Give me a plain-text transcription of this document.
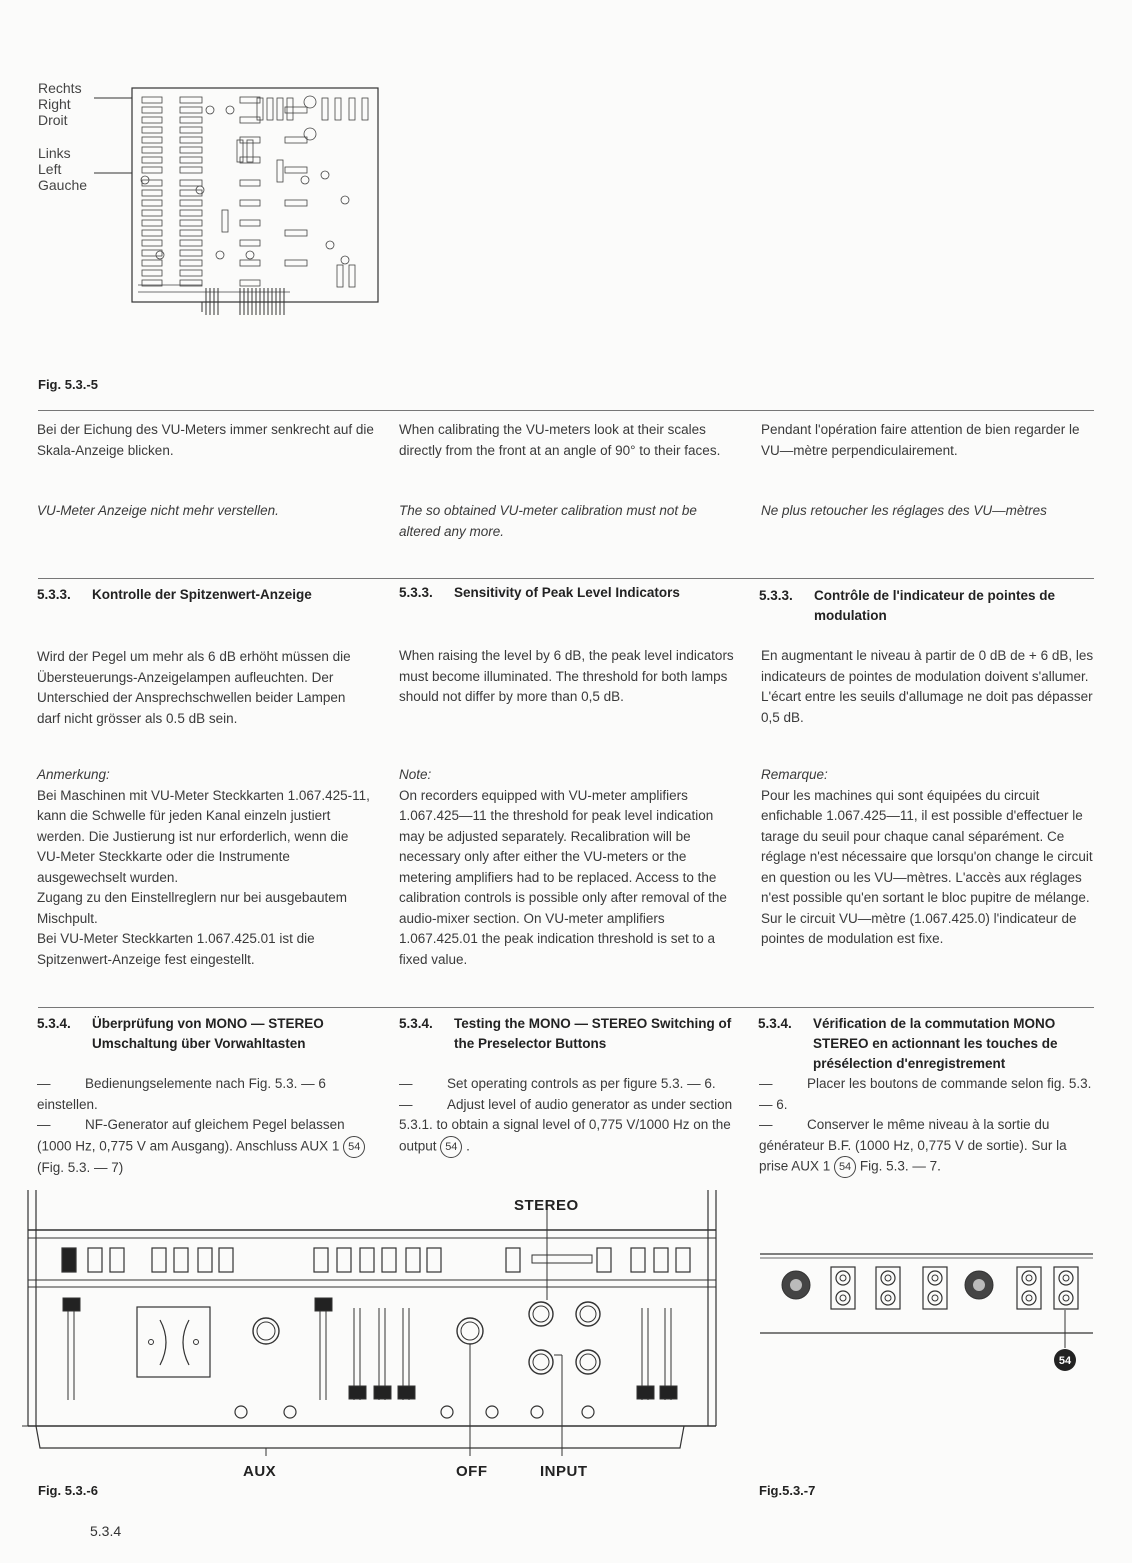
Rechts
Right
Droit
Links
Left
Gauche
Fig. 5.3.-5

Bei der Eichung des VU-Meters immer senkrecht auf die Skala-Anzeige blicken.

When calibrating the VU-meters look at their scales directly from the front at an angle of 90° to their faces.

Pendant l'opération faire attention de bien regarder le VU—mètre perpendiculairement.

VU-Meter Anzeige nicht mehr verstellen.	The so obtained VU-meter calibration must not be altered any more.
Ne plus retoucher les réglages des VU—mètres
5.3.3. Kontrolle der Spitzenwert-Anzeige	5.3.3. Sensitivity of Peak Level Indicators	5.3.3. Contrôle de l'indicateur de pointes de modulation

Wird der Pegel um mehr als 6 dB erhöht müssen die Übersteuerungs-Anzeigelampen aufleuchten. Der Unterschied der Ansprechschwellen beider Lampen darf nicht grösser als 0.5 dB sein.

When raising the level by 6 dB, the peak level indicators must become illuminated. The threshold for both lamps should not differ by more than 0,5 dB.

En augmentant le niveau à partir de 0 dB de + 6 dB, les indicateurs de pointes de modulation doivent s'allumer. L'écart entre les seuils d'allumage ne doit pas dépasser 0,5 dB.

Anmerkung:

Bei Maschinen mit VU-Meter Steckkarten 1.067.425-11, kann die Schwelle für jeden Kanal einzeln justiert werden. Die Justierung ist nur erforderlich, wenn die VU-Meter Steckkarte oder die Instrumente ausgewechselt wurden.

Zugang zu den Einstellreglern nur bei ausgebautem Mischpult.

Bei VU-Meter Steckkarten 1.067.425.01 ist die Spitzenwert-Anzeige fest eingestellt.

Note:

On recorders equipped with VU-meter amplifiers 1.067.425—11 the threshold for peak level indication may be adjusted separately. Recalibration will be necessary only after either the VU-meters or the metering amplifiers had to be replaced. Access to the calibration controls is possible only after removal of the audio-mixer section. On VU-meter amplifiers 1.067.425.01 the peak indication threshold is set to a fixed value.

Remarque:

Pour les machines qui sont équipées du circuit enfichable 1.067.425—11, il est possible d'effectuer le tarage du seuil pour chaque canal séparément. Ce réglage n'est nécessaire que lorsqu'on change le circuit en question ou les VU—mètres. L'accès aux réglages n'est possible qu'en sortant le bloc pupitre de mélange. Sur le circuit VU—mètre (1.067.425.0) l'indicateur de pointes de modulation est fixe.

5.3.4. Überprüfung von MONO — STEREO Umschaltung über Vorwahltasten
5.3.4. Testing the MONO — STEREO Switching of the Preselector Buttons
5.3.4. Vérification de la commutation MONO STEREO en actionnant les touches de présélection d'enregistrement

—	Bedienungselemente nach Fig. 5.3. — 6 einstellen.

—	NF-Generator auf gleichem Pegel belassen (1000 Hz, 0,775 V am Ausgang). Anschluss AUX 1 54 (Fig. 5.3. — 7)

—	Set operating controls as per figure 5.3. — 6.

—	Adjust level of audio generator as under section 5.3.1. to obtain a signal level of 0,775 V/1000 Hz on the output 54 .

—	Placer les boutons de commande selon fig. 5.3. — 6.

—	Conserver le même niveau à la sortie du générateur B.F. (1000 Hz, 0,775 V de sortie). Sur la prise AUX 1 54 Fig. 5.3. — 7.

STEREO
AUX	OFF	INPUT
Fig. 5.3.-6
54
Fig.5.3.-7
5.3.4
